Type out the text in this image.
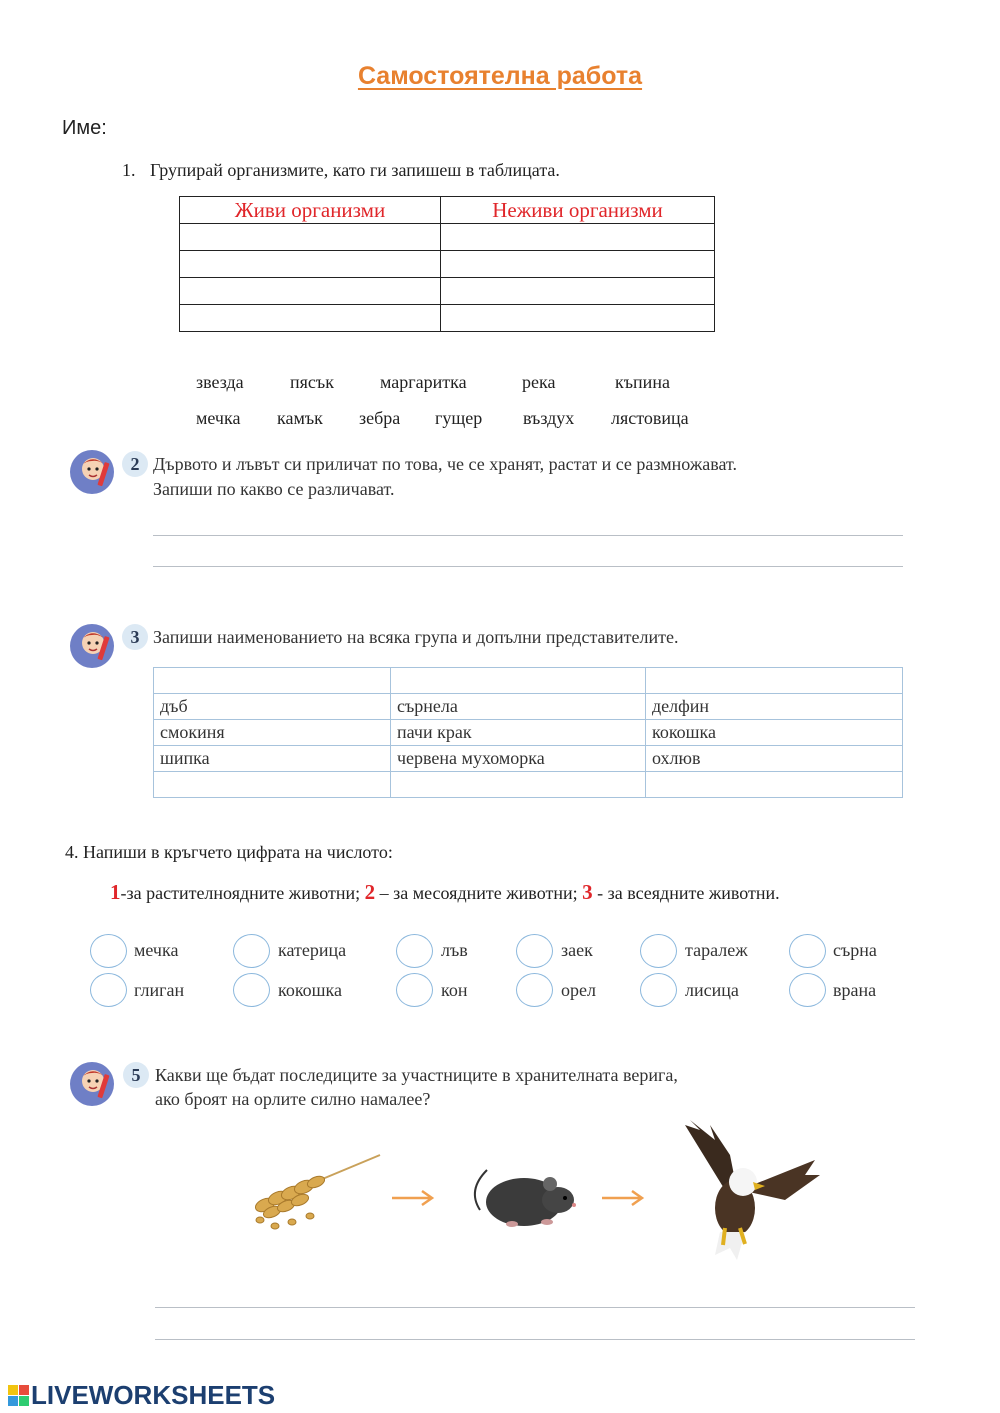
Самостоятелна работа
Име:
1. Групирай организмите, като ги запишеш в таблицата.
Живи организми	Неживи организми

звезда	пясък	маргаритка	река	къпина
мечка камък зебра гущер въздух лястовица
2 Дървото и лъвът си приличат по това, че се хранят, растат и се размножават.
Запиши по какво се различават.
3 Запиши наименованието на всяка група и допълни представителите.

дъб	сърнела	делфин
смокиня	пачи крак	кокошка
шипка	червена мухоморка	охлюв

4. Напиши в кръгчето цифрата на числото:
1-за растителноядните животни; 2 – за месоядните животни; 3 - за всеядните животни.
мечка	катерица	лъв	заек	таралеж	сърна
глиган	кокошка	кон	орел	лисица	врана
5 Какви ще бъдат последиците за участниците в хранителната верига,
ако броят на орлите силно намалее?
LIVEWORKSHEETS
